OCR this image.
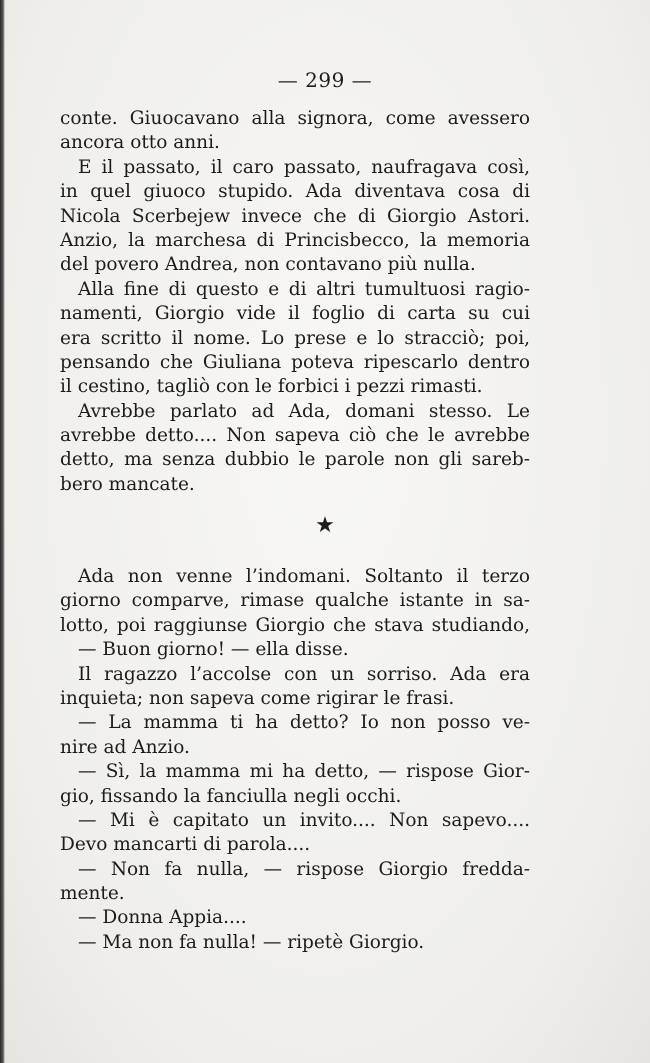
— 299 —
conte. Giuocavano alla signora, come avessero
ancora otto anni.
E il passato, il caro passato, naufragava così,
in quel giuoco stupido. Ada diventava cosa di
Nicola Scerbejew invece che di Giorgio Astori.
Anzio, la marchesa di Princisbecco, la memoria
del povero Andrea, non contavano più nulla.
Alla fine di questo e di altri tumultuosi ragio-
namenti, Giorgio vide il foglio di carta su cui
era scritto il nome. Lo prese e lo stracciò; poi,
pensando che Giuliana poteva ripescarlo dentro
il cestino, tagliò con le forbici i pezzi rimasti.
Avrebbe parlato ad Ada, domani stesso. Le
avrebbe detto.... Non sapeva ciò che le avrebbe
detto, ma senza dubbio le parole non gli sareb-
bero mancate.
★
Ada non venne l’indomani. Soltanto il terzo
giorno comparve, rimase qualche istante in sa-
lotto, poi raggiunse Giorgio che stava studiando,
— Buon giorno! — ella disse.
Il ragazzo l’accolse con un sorriso. Ada era
inquieta; non sapeva come rigirar le frasi.
— La mamma ti ha detto? Io non posso ve-
nire ad Anzio.
— Sì, la mamma mi ha detto, — rispose Gior-
gio, fissando la fanciulla negli occhi.
— Mi è capitato un invito.... Non sapevo....
Devo mancarti di parola....
— Non fa nulla, — rispose Giorgio fredda-
mente.
— Donna Appia....
— Ma non fa nulla! — ripetè Giorgio.
